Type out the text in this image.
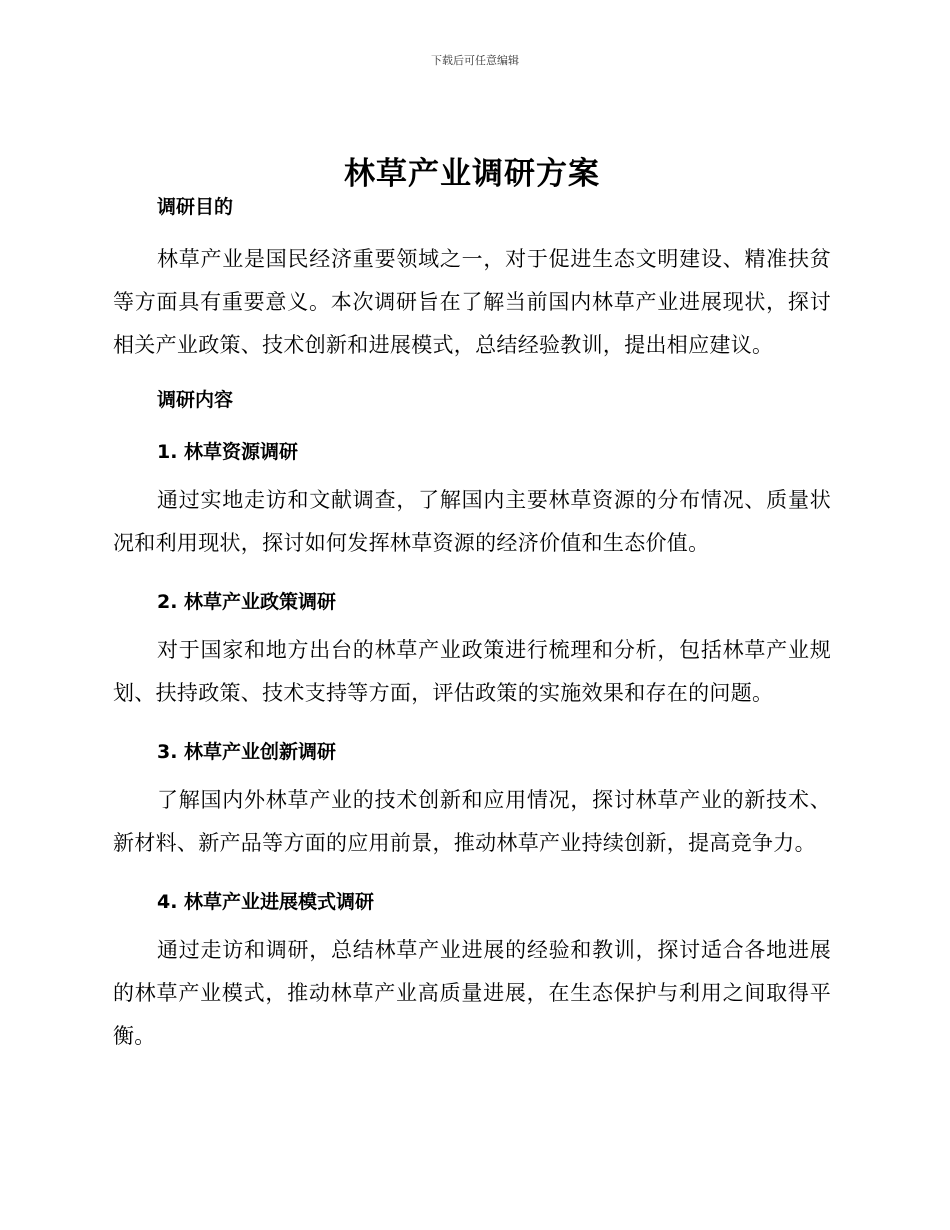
下载后可任意编辑
林草产业调研方案
调研目的

林草产业是国民经济重要领域之一，对于促进生态文明建设、精准扶贫等方面具有重要意义。本次调研旨在了解当前国内林草产业进展现状，探讨相关产业政策、技术创新和进展模式，总结经验教训，提出相应建议。

调研内容
1. 林草资源调研

通过实地走访和文献调查，了解国内主要林草资源的分布情况、质量状况和利用现状，探讨如何发挥林草资源的经济价值和生态价值。

2. 林草产业政策调研

对于国家和地方出台的林草产业政策进行梳理和分析，包括林草产业规划、扶持政策、技术支持等方面，评估政策的实施效果和存在的问题。

3. 林草产业创新调研

了解国内外林草产业的技术创新和应用情况，探讨林草产业的新技术、新材料、新产品等方面的应用前景，推动林草产业持续创新，提高竞争力。

4. 林草产业进展模式调研

通过走访和调研，总结林草产业进展的经验和教训，探讨适合各地进展的林草产业模式，推动林草产业高质量进展，在生态保护与利用之间取得平衡。
